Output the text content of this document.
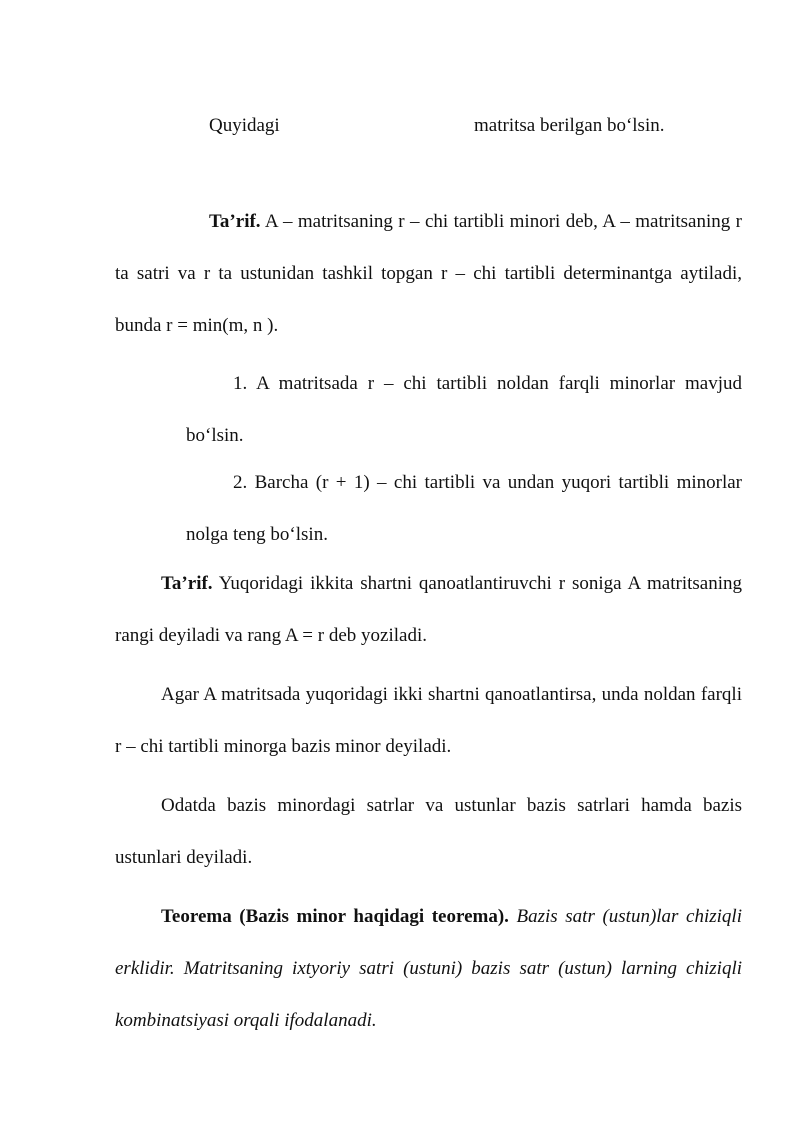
Quyidagi	matritsa berilgan bo‘lsin.

Ta’rif. A – matritsaning r – chi tartibli minori deb, A – matritsaning r ta satri va r ta ustunidan tashkil topgan r – chi tartibli determinantga aytiladi, bunda r = min(m, n ).

1. A matritsada r – chi tartibli noldan farqli minorlar mavjud bo‘lsin.

2. Barcha (r + 1) – chi tartibli va undan yuqori tartibli minorlar nolga teng bo‘lsin.

Ta’rif. Yuqoridagi ikkita shartni qanoatlantiruvchi r soniga A matritsaning rangi deyiladi va rang A = r deb yoziladi.

Agar A matritsada yuqoridagi ikki shartni qanoatlantirsa, unda noldan farqli r – chi tartibli minorga bazis minor deyiladi.

Odatda bazis minordagi satrlar va ustunlar bazis satrlari hamda bazis ustunlari deyiladi.

Teorema (Bazis minor haqidagi teorema). Bazis satr (ustun)lar chiziqli erklidir. Matritsaning ixtyoriy satri (ustuni) bazis satr (ustun) larning chiziqli kombinatsiyasi orqali ifodalanadi.
